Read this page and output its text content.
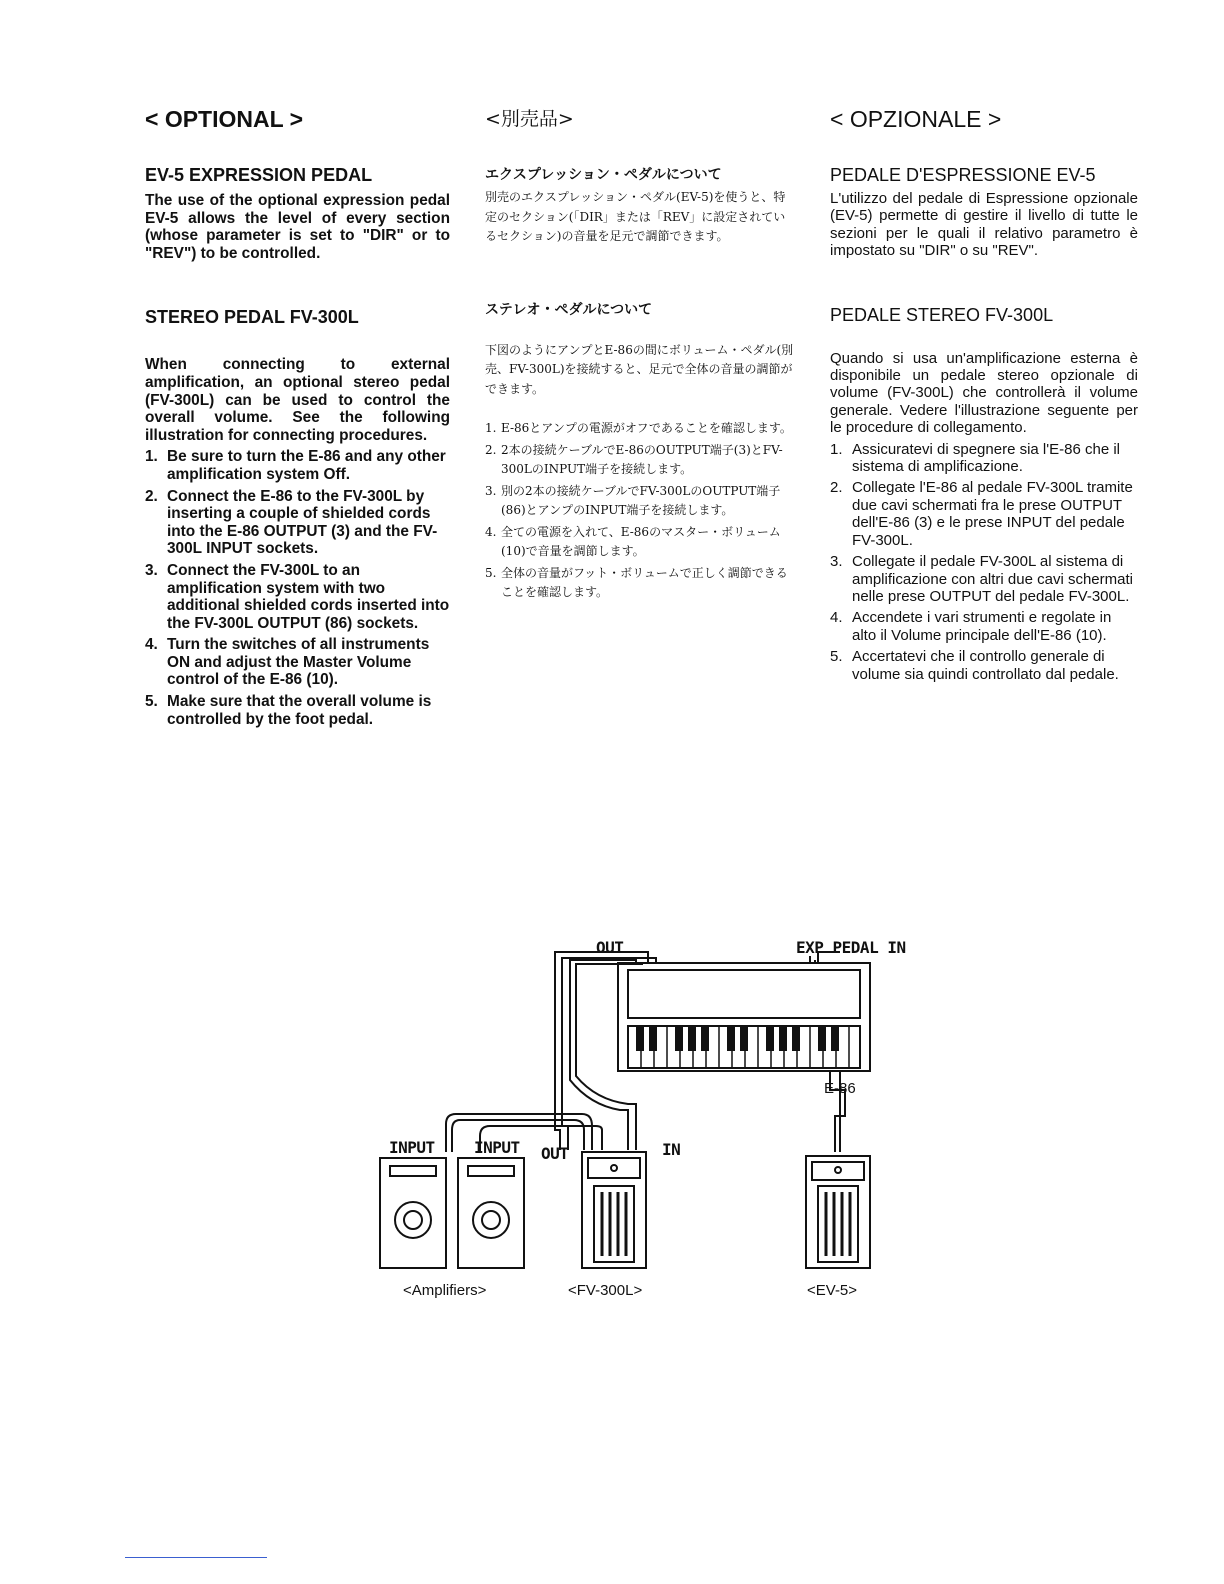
< OPTIONAL >
EV-5 EXPRESSION PEDAL

The use of the optional expression pedal EV-5 allows the level of every section (whose parameter is set to "DIR" or to "REV") to be controlled.

STEREO PEDAL FV-300L

When connecting to external amplification, an optional stereo pedal (FV-300L) can be used to control the overall volume. See the following illustration for connecting procedures.

1. Be sure to turn the E-86 and any other amplification system Off.
2. Connect the E-86 to the FV-300L by inserting a couple of shielded cords into the E-86 OUTPUT (3) and the FV-300L INPUT sockets.
3. Connect the FV-300L to an amplification system with two additional shielded cords inserted into the FV-300L OUTPUT (86) sockets.
4. Turn the switches of all instruments ON and adjust the Master Volume control of the E-86 (10).
5. Make sure that the overall volume is controlled by the foot pedal.
<別売品>
エクスプレッション・ペダルについて

別売のエクスプレッション・ペダル(EV-5)を使うと、特定のセクション(「DIR」または「REV」に設定されているセクション)の音量を足元で調節できます。

ステレオ・ペダルについて

下図のようにアンプとE-86の間にボリューム・ペダル(別売、FV-300L)を接続すると、足元で全体の音量の調節ができます。

1. E-86とアンプの電源がオフであることを確認します。
2. 2本の接続ケーブルでE-86のOUTPUT端子(3)とFV-300LのINPUT端子を接続します。
3. 別の2本の接続ケーブルでFV-300LのOUTPUT端子(86)とアンプのINPUT端子を接続します。
4. 全ての電源を入れて、E-86のマスター・ボリューム(10)で音量を調節します。
5. 全体の音量がフット・ボリュームで正しく調節できることを確認します。
< OPZIONALE >
PEDALE D'ESPRESSIONE EV-5

L'utilizzo del pedale di Espressione opzionale (EV-5) permette di gestire il livello di tutte le sezioni per le quali il relativo parametro è impostato su "DIR" o su "REV".

PEDALE STEREO FV-300L

Quando si usa un'amplificazione esterna è disponibile un pedale stereo opzionale di volume (FV-300L) che controllerà il volume generale. Vedere l'illustrazione seguente per le procedure di collegamento.

1. Assicuratevi di spegnere sia l'E-86 che il sistema di amplificazione.
2. Collegate l'E-86 al pedale FV-300L tramite due cavi schermati fra le prese OUTPUT dell'E-86 (3) e le prese INPUT del pedale FV-300L.
3. Collegate il pedale FV-300L al sistema di amplificazione con altri due cavi schermati nelle prese OUTPUT del pedale FV-300L.
4. Accendete i vari strumenti e regolate in alto il Volume principale dell'E-86 (10).
5. Accertatevi che il controllo generale di volume sia quindi controllato dal pedale.
OUT	EXP PEDAL IN
E-86
INPUT INPUT OUT	IN
<Amplifiers>	<FV-300L>	<EV-5>
